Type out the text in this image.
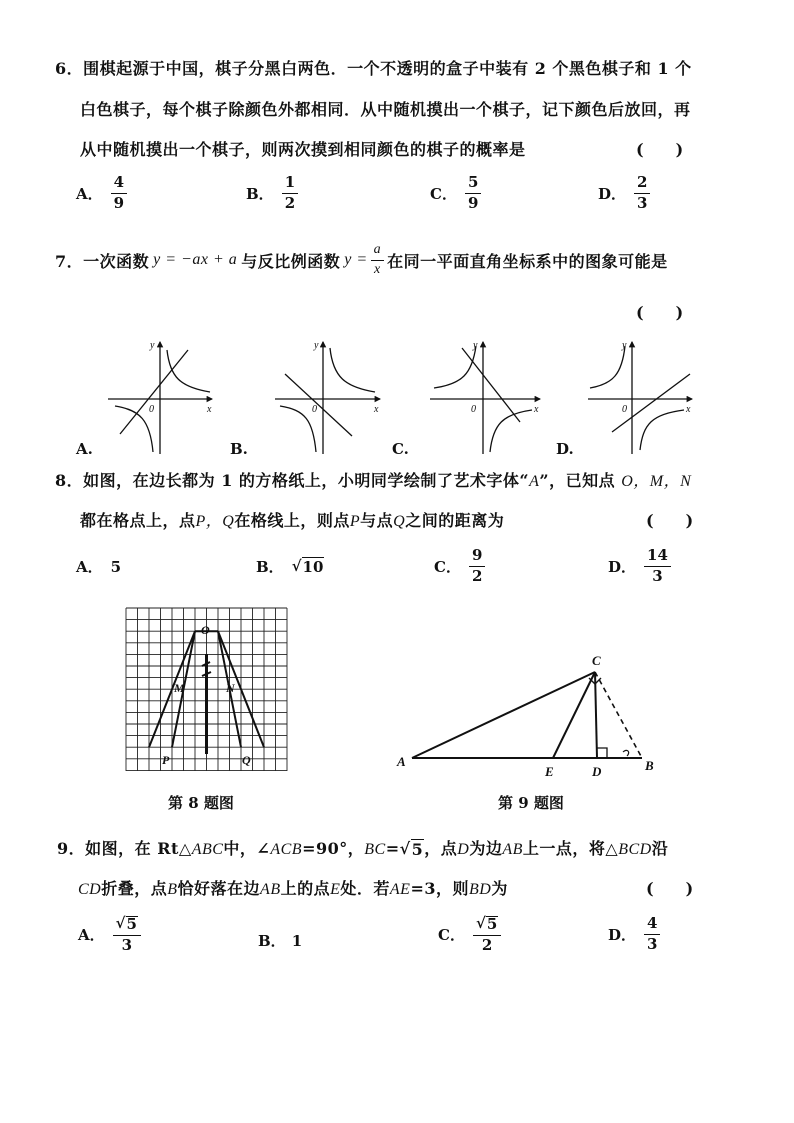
6．围棋起源于中国，棋子分黑白两色．一个不透明的盒子中装有 2 个黑色棋子和 1 个
白色棋子，每个棋子除颜色外都相同．从中随机摸出一个棋子，记下颜色后放回，再
从中随机摸出一个棋子，则两次摸到相同颜色的棋子的概率是	(　　)
A． $\frac{4}{9}$	B． $\frac{1}{2}$	C． $\frac{5}{9}$	D． $\frac{2}{3}$
7．一次函数 y = −ax + a 与反比例函数 $y = \frac{a}{x}$ 在同一平面直角坐标系中的图象可能是
(　　)
y
x
0
y
x
0
y
x
0
y
x
0
A.	B.	C.	D.
8．如图，在边长都为 1 的方格纸上，小明同学绘制了艺术字体“A”，已知点 O，M，N
都在格点上，点P，Q在格线上，则点P与点Q之间的距离为	(　　)
A． 5	B． √ 10	C． $\frac{9}{2}$	D． $\frac{14}{3}$
O
M	N
P	Q
第 8 题图
A
C
E	D	B
第 9 题图
9．如图，在 Rt△ABC中，∠ACB=90°，BC=√ 5 ，点D为边AB上一点，将△BCD沿
CD折叠，点B恰好落在边AB上的点E处．若AE=3，则BD为	(　　)
A． $\frac{√ 5}{3}$	B． 1	C． $\frac{√ 5}{2}$	D． $\frac{4}{3}$
